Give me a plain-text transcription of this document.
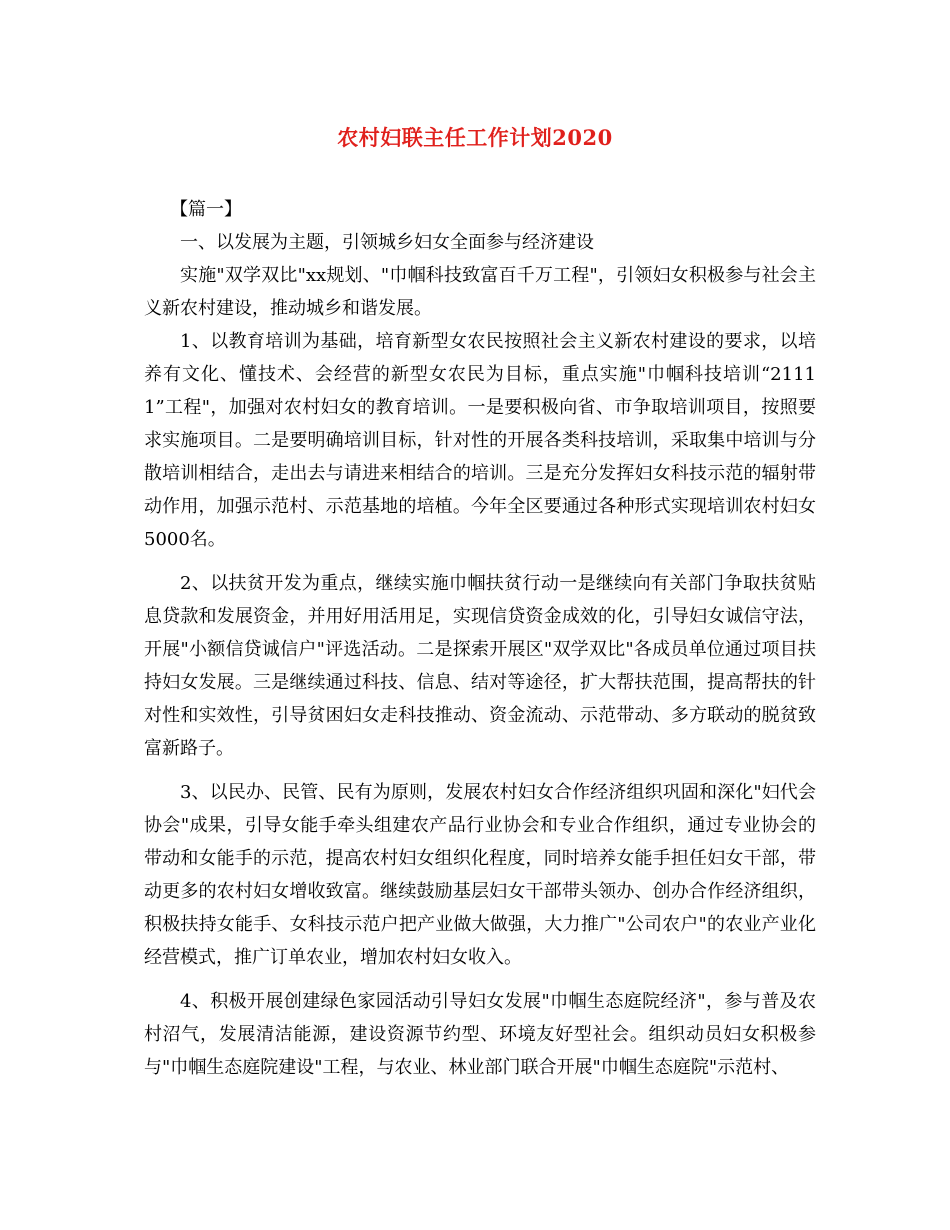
农村妇联主任工作计划2020

【篇一】

一、以发展为主题，引领城乡妇女全面参与经济建设

实施"双学双比"xx规划、"巾帼科技致富百千万工程"，引领妇女积极参与社会主义新农村建设，推动城乡和谐发展。

1、以教育培训为基础，培育新型女农民按照社会主义新农村建设的要求，以培养有文化、懂技术、会经营的新型女农民为目标，重点实施"巾帼科技培训“21111”工程"，加强对农村妇女的教育培训。一是要积极向省、市争取培训项目，按照要求实施项目。二是要明确培训目标，针对性的开展各类科技培训，采取集中培训与分散培训相结合，走出去与请进来相结合的培训。三是充分发挥妇女科技示范的辐射带动作用，加强示范村、示范基地的培植。今年全区要通过各种形式实现培训农村妇女5000名。

2、以扶贫开发为重点，继续实施巾帼扶贫行动一是继续向有关部门争取扶贫贴息贷款和发展资金，并用好用活用足，实现信贷资金成效的化，引导妇女诚信守法，开展"小额信贷诚信户"评选活动。二是探索开展区"双学双比"各成员单位通过项目扶持妇女发展。三是继续通过科技、信息、结对等途径，扩大帮扶范围，提高帮扶的针对性和实效性，引导贫困妇女走科技推动、资金流动、示范带动、多方联动的脱贫致富新路子。

3、以民办、民管、民有为原则，发展农村妇女合作经济组织巩固和深化"妇代会协会"成果，引导女能手牵头组建农产品行业协会和专业合作组织，通过专业协会的带动和女能手的示范，提高农村妇女组织化程度，同时培养女能手担任妇女干部，带动更多的农村妇女增收致富。继续鼓励基层妇女干部带头领办、创办合作经济组织，积极扶持女能手、女科技示范户把产业做大做强，大力推广"公司农户"的农业产业化经营模式，推广订单农业，增加农村妇女收入。

4、积极开展创建绿色家园活动引导妇女发展"巾帼生态庭院经济"，参与普及农村沼气，发展清洁能源，建设资源节约型、环境友好型社会。组织动员妇女积极参与"巾帼生态庭院建设"工程，与农业、林业部门联合开展"巾帼生态庭院"示范村、
